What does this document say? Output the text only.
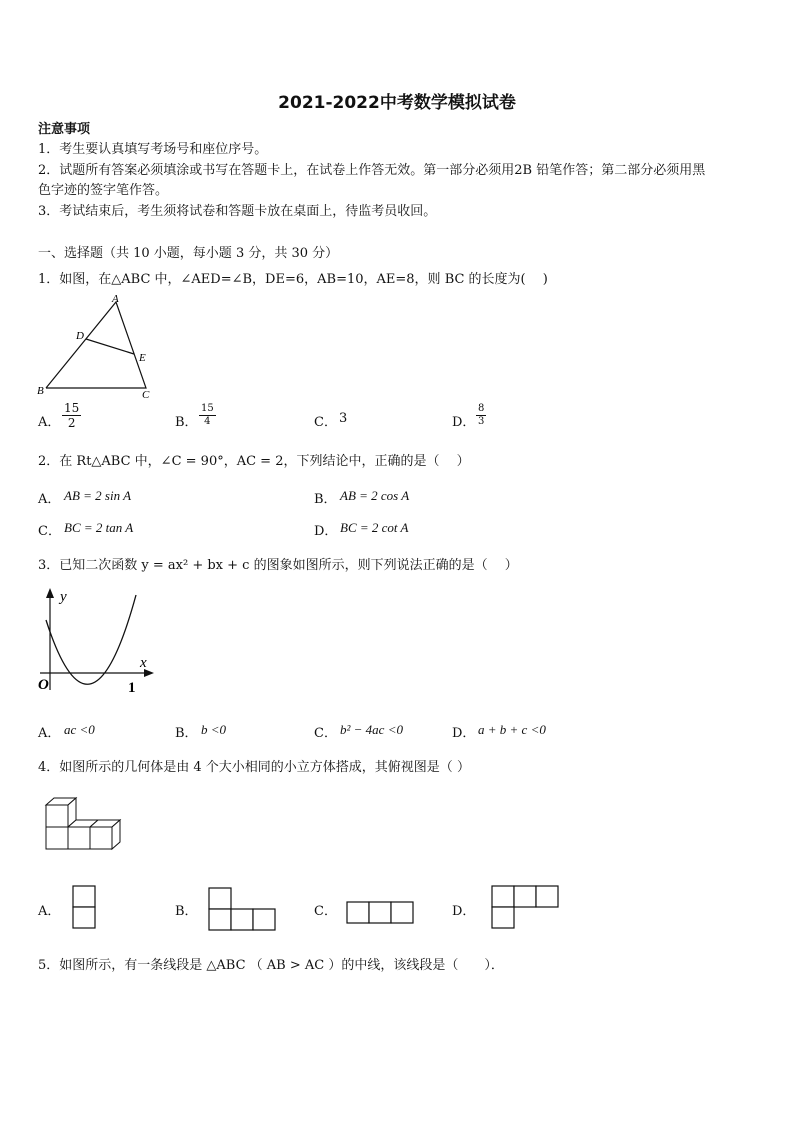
2021-2022中考数学模拟试卷
注意事项
1．考生要认真填写考场号和座位序号。
2．试题所有答案必须填涂或书写在答题卡上，在试卷上作答无效。第一部分必须用2B 铅笔作答；第二部分必须用黑
色字迹的签字笔作答。
3．考试结束后，考生须将试卷和答题卡放在桌面上，待监考员收回。
一、选择题（共 10 小题，每小题 3 分，共 30 分）
1．如图，在△ABC 中，∠AED=∠B，DE=6，AB=10，AE=8，则 BC 的长度为(　 )
A
D
E
B	C
A． $\frac{15}{2}$	B． $\frac{15}{4}$	C． 3	D． $\frac{8}{3}$
2．在 Rt△ABC 中，∠C = 90°，AC = 2，下列结论中，正确的是（　 ）
A． AB = 2 sin A	B． AB = 2 cos A
C． BC = 2 tan A	D． BC = 2 cot A
3．已知二次函数 y = ax² + bx + c 的图象如图所示，则下列说法正确的是（　 ）
y
x
O	1
A． ac <0	B． b <0	C． b² − 4ac <0	D． a + b + c <0
4．如图所示的几何体是由 4 个大小相同的小立方体搭成，其俯视图是（ ）
A．	B．	C．	D．
5．如图所示，有一条线段是 △ABC （ AB > AC ）的中线，该线段是（　　）．
